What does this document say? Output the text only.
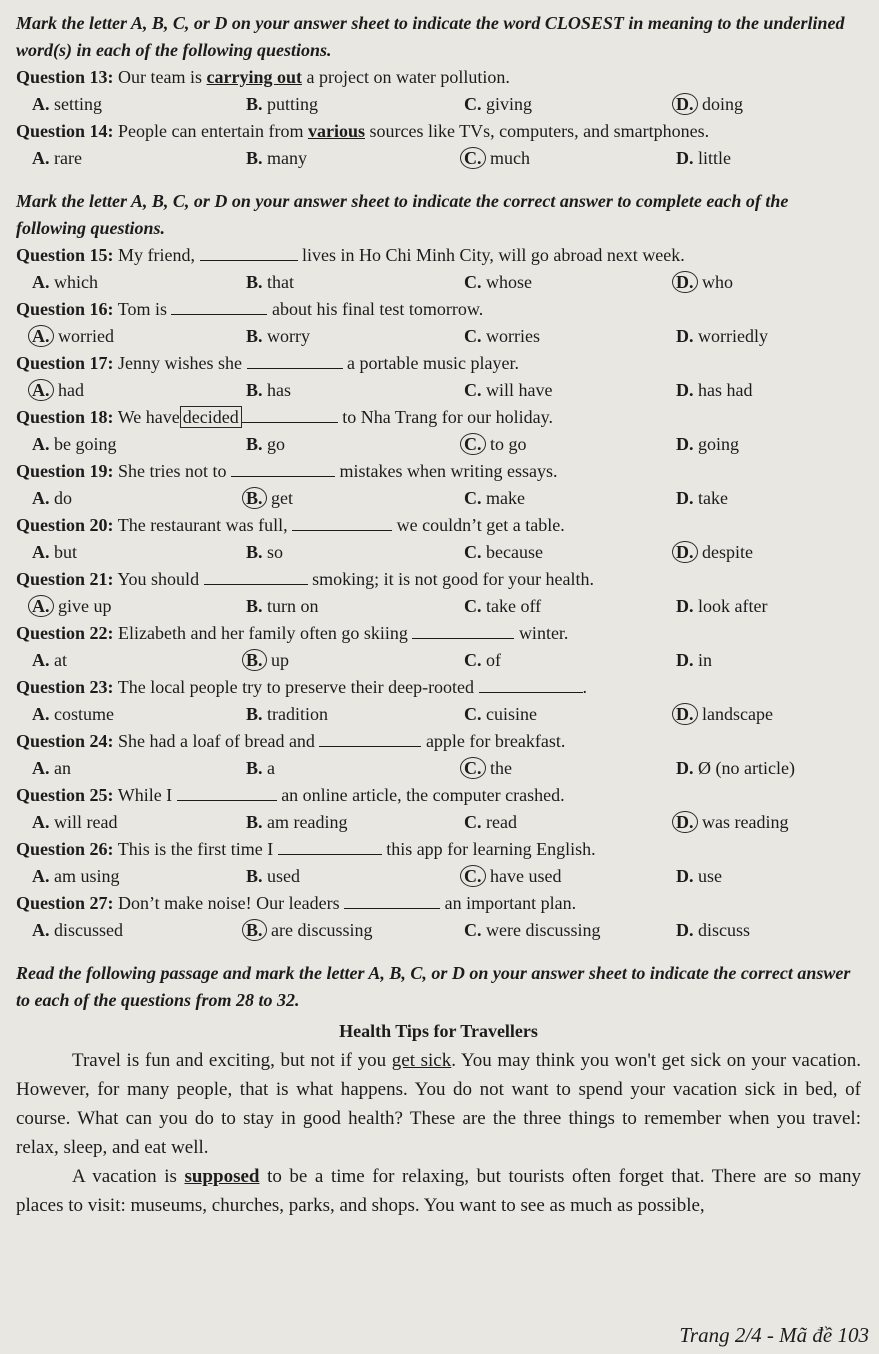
Mark the letter A, B, C, or D on your answer sheet to indicate the word CLOSEST in meaning to the underlined word(s) in each of the following questions.

Question 13: Our team is carrying out a project on water pollution.

A. setting	B. putting	C. giving	D. doing

Question 14: People can entertain from various sources like TVs, computers, and smartphones.

A. rare	B. many	C. much	D. little

Mark the letter A, B, C, or D on your answer sheet to indicate the correct answer to complete each of the following questions.

Question 15: My friend,	lives in Ho Chi Minh City, will go abroad next week.

A. which	B. that	C. whose	D. who

Question 16: Tom is	about his final test tomorrow.

A. worried	B. worry	C. worries	D. worriedly

Question 17: Jenny wishes she	a portable music player.

A. had	B. has	C. will have	D. has had

Question 18: We have decided	to Nha Trang for our holiday.

A. be going	B. go	C. to go	D. going

Question 19: She tries not to	mistakes when writing essays.

A. do	B. get	C. make	D. take

Question 20: The restaurant was full,	we couldn’t get a table.

A. but	B. so	C. because	D. despite

Question 21: You should	smoking; it is not good for your health.

A. give up	B. turn on	C. take off	D. look after

Question 22: Elizabeth and her family often go skiing	winter.

A. at	B. up	C. of	D. in

Question 23: The local people try to preserve their deep-rooted	.

A. costume	B. tradition	C. cuisine	D. landscape

Question 24: She had a loaf of bread and	apple for breakfast.

A. an	B. a	C. the	D. Ø (no article)

Question 25: While I	an online article, the computer crashed.

A. will read	B. am reading	C. read	D. was reading

Question 26: This is the first time I	this app for learning English.

A. am using	B. used	C. have used	D. use

Question 27: Don’t make noise! Our leaders	an important plan.

A. discussed	B. are discussing	C. were discussing	D. discuss

Read the following passage and mark the letter A, B, C, or D on your answer sheet to indicate the correct answer to each of the questions from 28 to 32.

Health Tips for Travellers

Travel is fun and exciting, but not if you get sick. You may think you won't get sick on your vacation. However, for many people, that is what happens. You do not want to spend your vacation sick in bed, of course. What can you do to stay in good health? These are the three things to remember when you travel: relax, sleep, and eat well.

A vacation is supposed to be a time for relaxing, but tourists often forget that. There are so many places to visit: museums, churches, parks, and shops. You want to see as much as possible,

Trang 2/4 - Mã đề 103
